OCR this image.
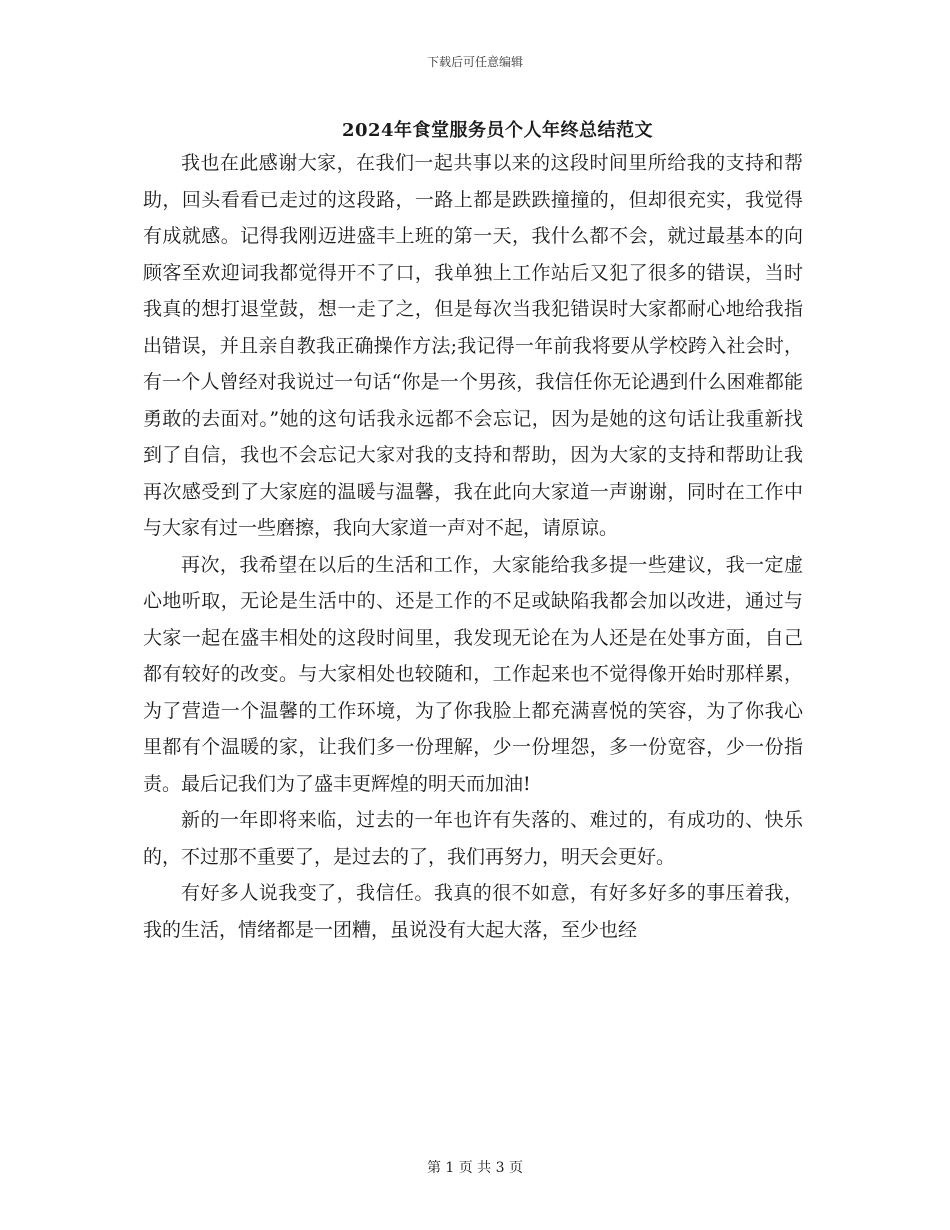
下载后可任意编辑
2024年食堂服务员个人年终总结范文

我也在此感谢大家，在我们一起共事以来的这段时间里所给我的支持和帮助，回头看看已走过的这段路，一路上都是跌跌撞撞的，但却很充实，我觉得有成就感。记得我刚迈进盛丰上班的第一天，我什么都不会，就过最基本的向顾客至欢迎词我都觉得开不了口，我单独上工作站后又犯了很多的错误，当时我真的想打退堂鼓，想一走了之，但是每次当我犯错误时大家都耐心地给我指出错误，并且亲自教我正确操作方法;我记得一年前我将要从学校跨入社会时，有一个人曾经对我说过一句话“你是一个男孩，我信任你无论遇到什么困难都能勇敢的去面对。”她的这句话我永远都不会忘记，因为是她的这句话让我重新找到了自信，我也不会忘记大家对我的支持和帮助，因为大家的支持和帮助让我再次感受到了大家庭的温暖与温馨，我在此向大家道一声谢谢，同时在工作中与大家有过一些磨擦，我向大家道一声对不起，请原谅。

再次，我希望在以后的生活和工作，大家能给我多提一些建议，我一定虚心地听取，无论是生活中的、还是工作的不足或缺陷我都会加以改进，通过与大家一起在盛丰相处的这段时间里，我发现无论在为人还是在处事方面，自己都有较好的改变。与大家相处也较随和，工作起来也不觉得像开始时那样累，为了营造一个温馨的工作环境，为了你我脸上都充满喜悦的笑容，为了你我心里都有个温暖的家，让我们多一份理解，少一份埋怨，多一份宽容，少一份指责。最后记我们为了盛丰更辉煌的明天而加油!

新的一年即将来临，过去的一年也许有失落的、难过的，有成功的、快乐的，不过那不重要了，是过去的了，我们再努力，明天会更好。

有好多人说我变了，我信任。我真的很不如意，有好多好多的事压着我，我的生活，情绪都是一团糟，虽说没有大起大落，至少也经

第 1 页 共 3 页
